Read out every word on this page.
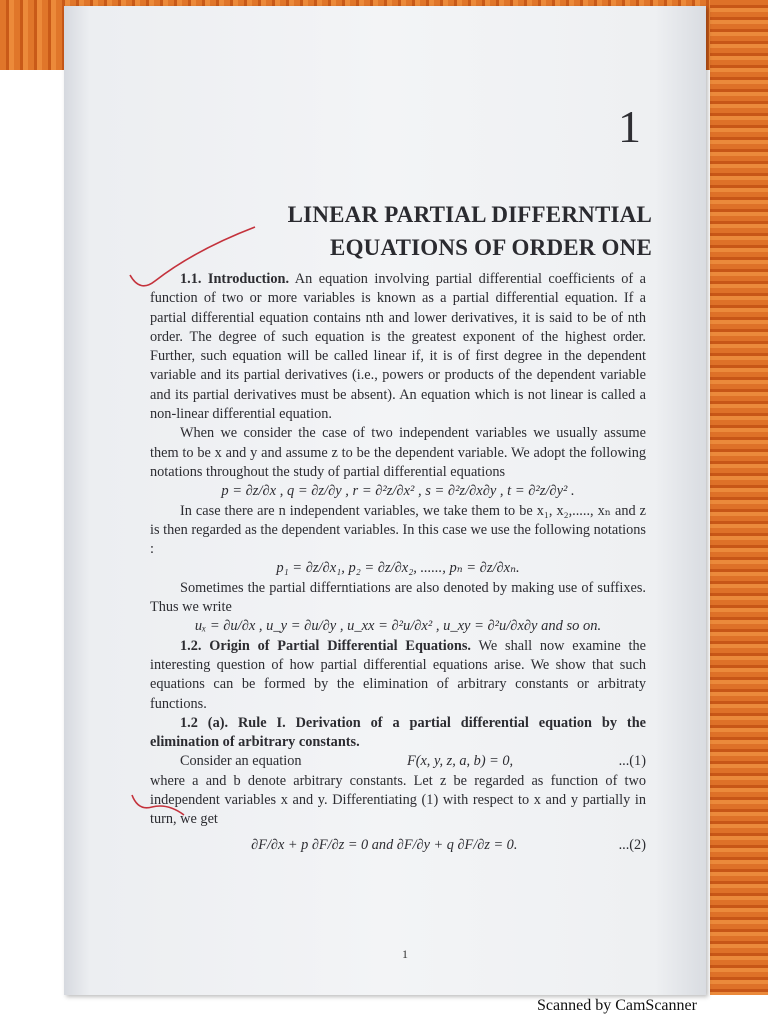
1
LINEAR PARTIAL DIFFERNTIAL
EQUATIONS OF ORDER ONE

1.1. Introduction. An equation involving partial differential coefficients of a function of two or more variables is known as a partial differential equation. If a partial differential equation contains nth and lower derivatives, it is said to be of nth order. The degree of such equation is the greatest exponent of the highest order. Further, such equation will be called linear if, it is of first degree in the dependent variable and its partial derivatives (i.e., powers or products of the dependent variable and its partial derivatives must be absent). An equation which is not linear is called a non-linear differential equation.

When we consider the case of two independent variables we usually assume them to be x and y and assume z to be the dependent variable. We adopt the following notations throughout the study of partial differential equations

p = ∂z/∂x , q = ∂z/∂y , r = ∂²z/∂x² , s = ∂²z/∂x∂y , t = ∂²z/∂y² .

In case there are n independent variables, we take them to be x₁, x₂,....., xₙ and z is then regarded as the dependent variables. In this case we use the following notations :

p₁ = ∂z/∂x₁, p₂ = ∂z/∂x₂, ......, pₙ = ∂z/∂xₙ.

Sometimes the partial differntiations are also denoted by making use of suffixes. Thus we write

uₓ = ∂u/∂x , u_y = ∂u/∂y , u_xx = ∂²u/∂x² , u_xy = ∂²u/∂x∂y and so on.

1.2. Origin of Partial Differential Equations. We shall now examine the interesting question of how partial differential equations arise. We show that such equations can be formed by the elimination of arbitrary constants or arbitraty functions.

1.2 (a). Rule I. Derivation of a partial differential equation by the elimination of arbitrary constants.

Consider an equation	F(x, y, z, a, b) = 0,	...(1)

where a and b denote arbitrary constants. Let z be regarded as function of two independent variables x and y. Differentiating (1) with respect to x and y partially in turn, we get

∂F/∂x + p ∂F/∂z = 0 and ∂F/∂y + q ∂F/∂z = 0.	...(2)

1
Scanned by CamScanner
